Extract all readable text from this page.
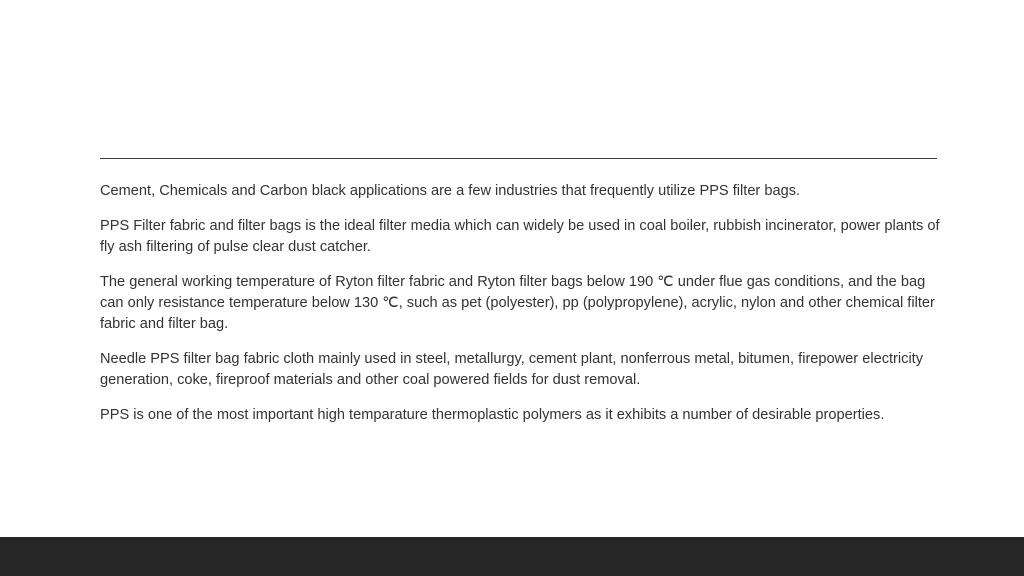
Cement, Chemicals and Carbon black applications are a few industries that frequently utilize PPS filter bags.

PPS Filter fabric and filter bags is the ideal filter media which can widely be used in coal boiler, rubbish incinerator, power plants of fly ash filtering of pulse clear dust catcher.

The general working temperature of Ryton filter fabric and Ryton filter bags below 190 ℃ under flue gas conditions, and the bag can only resistance temperature below 130 ℃, such as pet (polyester), pp (polypropylene), acrylic, nylon and other chemical filter fabric and filter bag.

Needle PPS filter bag fabric cloth mainly used in steel, metallurgy, cement plant, nonferrous metal, bitumen, firepower electricity generation, coke, fireproof materials and other coal powered fields for dust removal.

PPS is one of the most important high temparature thermoplastic polymers as it exhibits a number of desirable properties.
